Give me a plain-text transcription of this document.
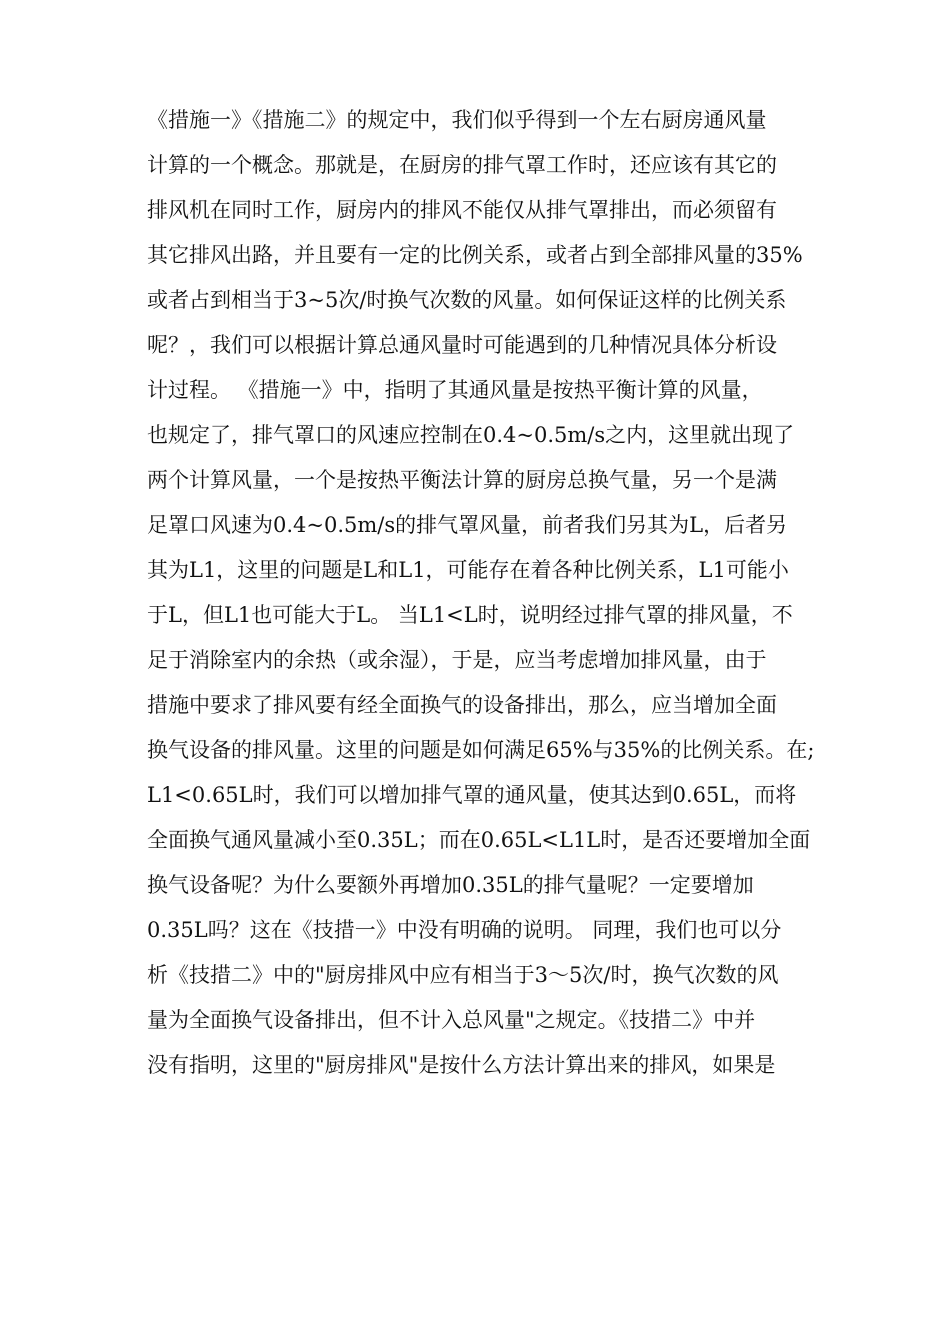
《措施一》《措施二》的规定中，我们似乎得到一个左右厨房通风量
计算的一个概念。那就是，在厨房的排气罩工作时，还应该有其它的
排风机在同时工作，厨房内的排风不能仅从排气罩排出，而必须留有
其它排风出路，并且要有一定的比例关系，或者占到全部排风量的35%
或者占到相当于3~5次/时换气次数的风量。如何保证这样的比例关系
呢？，我们可以根据计算总通风量时可能遇到的几种情况具体分析设
计过程。 《措施一》中，指明了其通风量是按热平衡计算的风量，
也规定了，排气罩口的风速应控制在0.4~0.5m/s之内，这里就出现了
两个计算风量，一个是按热平衡法计算的厨房总换气量，另一个是满
足罩口风速为0.4~0.5m/s的排气罩风量，前者我们另其为L，后者另
其为L1，这里的问题是L和L1，可能存在着各种比例关系，L1可能小
于L，但L1也可能大于L。 当L1<L时，说明经过排气罩的排风量，不
足于消除室内的余热（或余湿），于是，应当考虑增加排风量，由于
措施中要求了排风要有经全面换气的设备排出，那么，应当增加全面
换气设备的排风量。这里的问题是如何满足65%与35%的比例关系。在;
L1<0.65L时，我们可以增加排气罩的通风量，使其达到0.65L，而将
全面换气通风量减小至0.35L；而在0.65L<L1L时，是否还要增加全面
换气设备呢？为什么要额外再增加0.35L的排气量呢？一定要增加
0.35L吗？这在《技措一》中没有明确的说明。 同理，我们也可以分
析《技措二》中的"厨房排风中应有相当于3～5次/时，换气次数的风
量为全面换气设备排出，但不计入总风量"之规定。《技措二》中并
没有指明，这里的"厨房排风"是按什么方法计算出来的排风，如果是
